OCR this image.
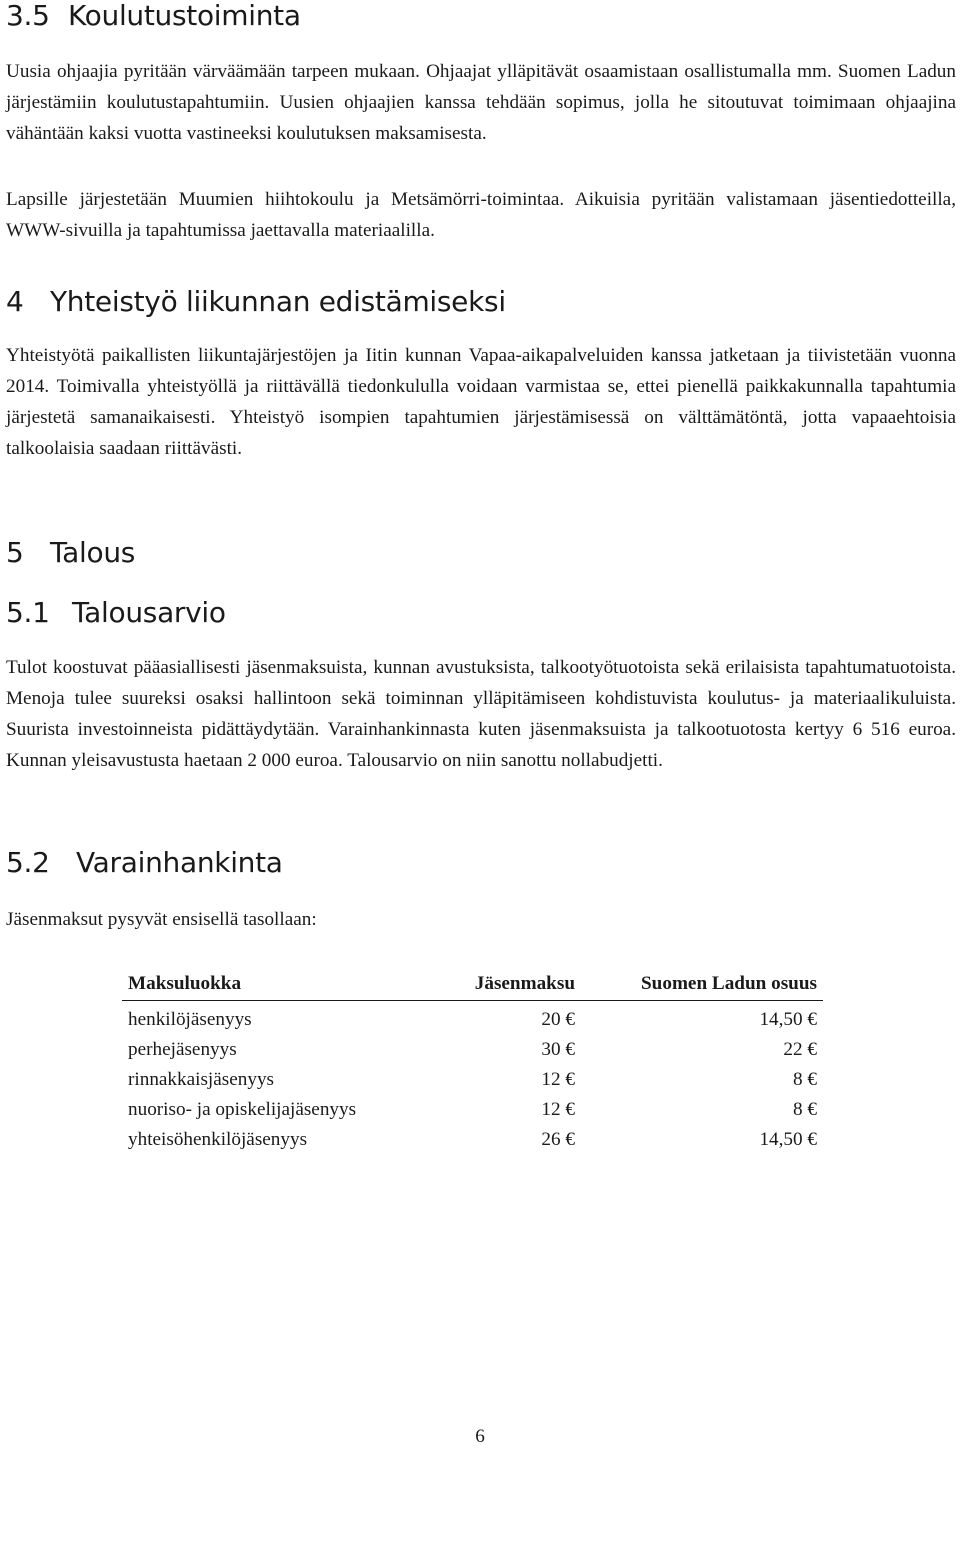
3.5 Koulutustoiminta

Uusia ohjaajia pyritään värväämään tarpeen mukaan. Ohjaajat ylläpitävät osaamistaan osallistumalla mm. Suomen Ladun järjestämiin koulutustapahtumiin. Uusien ohjaajien kanssa tehdään sopimus, jolla he sitoutuvat toimimaan ohjaajina vähäntään kaksi vuotta vastineeksi koulutuksen maksamisesta.

Lapsille järjestetään Muumien hiihtokoulu ja Metsämörri-toimintaa. Aikuisia pyritään valistamaan jäsentiedotteilla, WWW-sivuilla ja tapahtumissa jaettavalla materiaalilla.

4 Yhteistyö liikunnan edistämiseksi

Yhteistyötä paikallisten liikuntajärjestöjen ja Iitin kunnan Vapaa-aikapalveluiden kanssa jatketaan ja tiivistetään vuonna 2014. Toimivalla yhteistyöllä ja riittävällä tiedonkululla voidaan varmistaa se, ettei pienellä paikkakunnalla tapahtumia järjestetä samanaikaisesti. Yhteistyö isompien tapahtumien järjestämisessä on välttämätöntä, jotta vapaaehtoisia talkoolaisia saadaan riittävästi.

5 Talous
5.1 Talousarvio

Tulot koostuvat pääasiallisesti jäsenmaksuista, kunnan avustuksista, talkootyötuotoista sekä erilaisista tapahtumatuotoista. Menoja tulee suureksi osaksi hallintoon sekä toiminnan ylläpitämiseen kohdistuvista koulutus- ja materiaalikuluista. Suurista investoinneista pidättäydytään. Varainhankinnasta kuten jäsenmaksuista ja talkootuotosta kertyy 6 516 euroa. Kunnan yleisavustusta haetaan 2 000 euroa. Talousarvio on niin sanottu nollabudjetti.

5.2 Varainhankinta

Jäsenmaksut pysyvät ensisellä tasollaan:

Maksuluokka	Jäsenmaksu	Suomen Ladun osuus
henkilöjäsenyys	20 €	14,50 €
perhejäsenyys	30 €	22 €
rinnakkaisjäsenyys	12 €	8 €
nuoriso- ja opiskelijajäsenyys	12 €	8 €
yhteisöhenkilöjäsenyys	26 €	14,50 €
6
